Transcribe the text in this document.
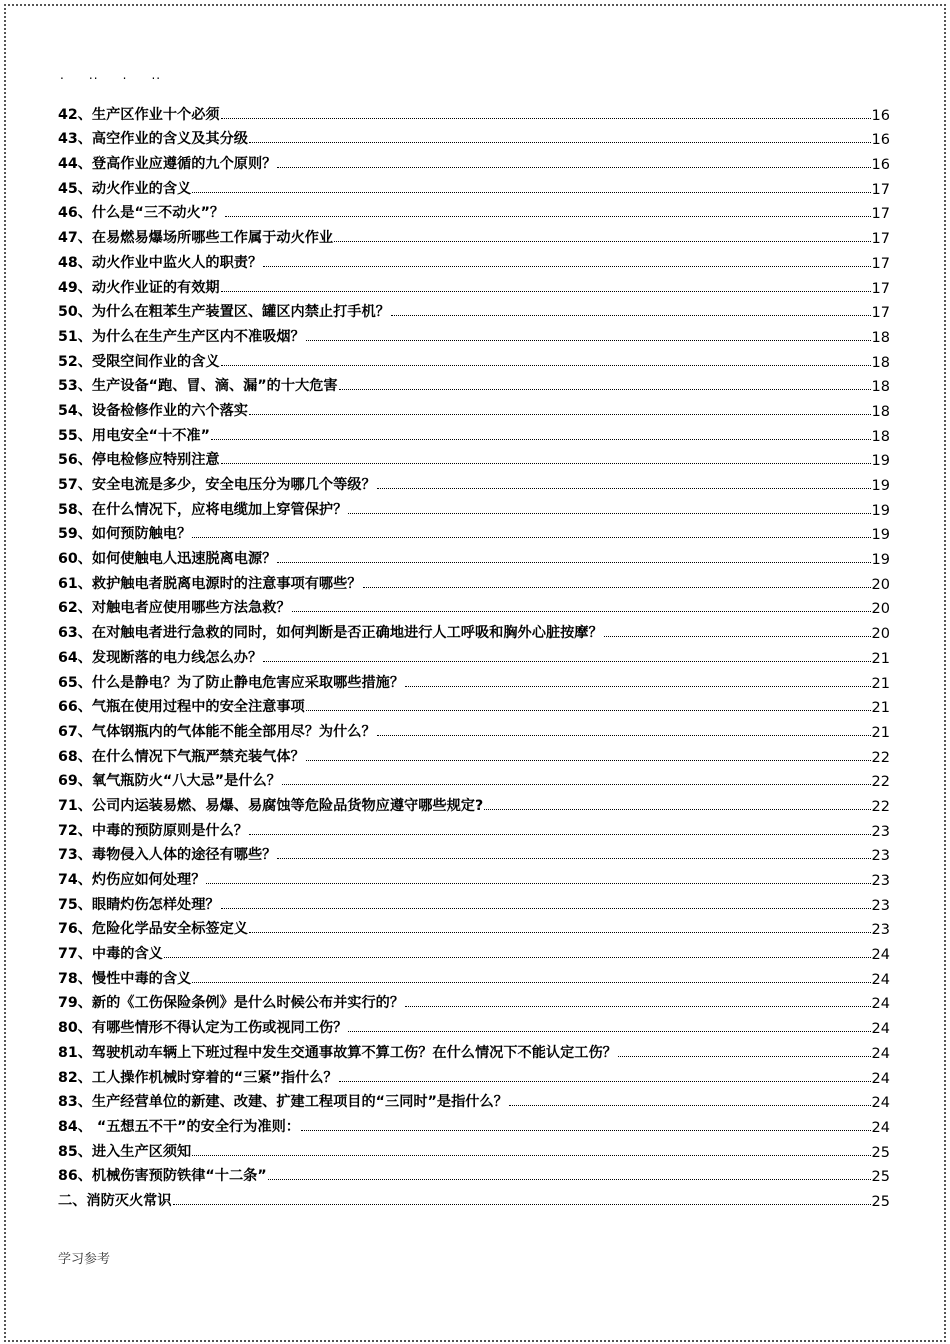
.     ..     .     ..
42、生产区作业十个必须	16
43、高空作业的含义及其分级	16
44、登高作业应遵循的九个原则？	16
45、动火作业的含义	17
46、什么是“三不动火”？	17
47、在易燃易爆场所哪些工作属于动火作业	17
48、动火作业中监火人的职责？	17
49、动火作业证的有效期	17
50、为什么在粗苯生产装置区、罐区内禁止打手机？	17
51、为什么在生产生产区内不准吸烟？	18
52、受限空间作业的含义	18
53、生产设备“跑、冒、滴、漏”的十大危害	18
54、设备检修作业的六个落实	18
55、用电安全“十不准”	18
56、停电检修应特别注意	19
57、安全电流是多少，安全电压分为哪几个等级？	19
58、在什么情况下，应将电缆加上穿管保护？	19
59、如何预防触电？	19
60、如何使触电人迅速脱离电源？	19
61、救护触电者脱离电源时的注意事项有哪些？	20
62、对触电者应使用哪些方法急救？	20
63、在对触电者进行急救的同时，如何判断是否正确地进行人工呼吸和胸外心脏按摩？	20
64、发现断落的电力线怎么办？	21
65、什么是静电？为了防止静电危害应采取哪些措施？	21
66、气瓶在使用过程中的安全注意事项	21
67、气体钢瓶内的气体能不能全部用尽？为什么？	21
68、在什么情况下气瓶严禁充装气体？	22
69、氧气瓶防火“八大忌”是什么？	22
71、公司内运装易燃、易爆、易腐蚀等危险品货物应遵守哪些规定?	22
72、中毒的预防原则是什么？	23
73、毒物侵入人体的途径有哪些？	23
74、灼伤应如何处理？	23
75、眼睛灼伤怎样处理？	23
76、危险化学品安全标签定义	23
77、中毒的含义	24
78、慢性中毒的含义	24
79、新的《工伤保险条例》是什么时候公布并实行的？	24
80、有哪些情形不得认定为工伤或视同工伤？	24
81、驾驶机动车辆上下班过程中发生交通事故算不算工伤？在什么情况下不能认定工伤？	24
82、工人操作机械时穿着的“三紧”指什么？	24
83、生产经营单位的新建、改建、扩建工程项目的“三同时”是指什么？	24
84、 “五想五不干”的安全行为准则：	24
85、进入生产区须知	25
86、机械伤害预防铁律“十二条”	25
二、消防灭火常识	25
学习参考
